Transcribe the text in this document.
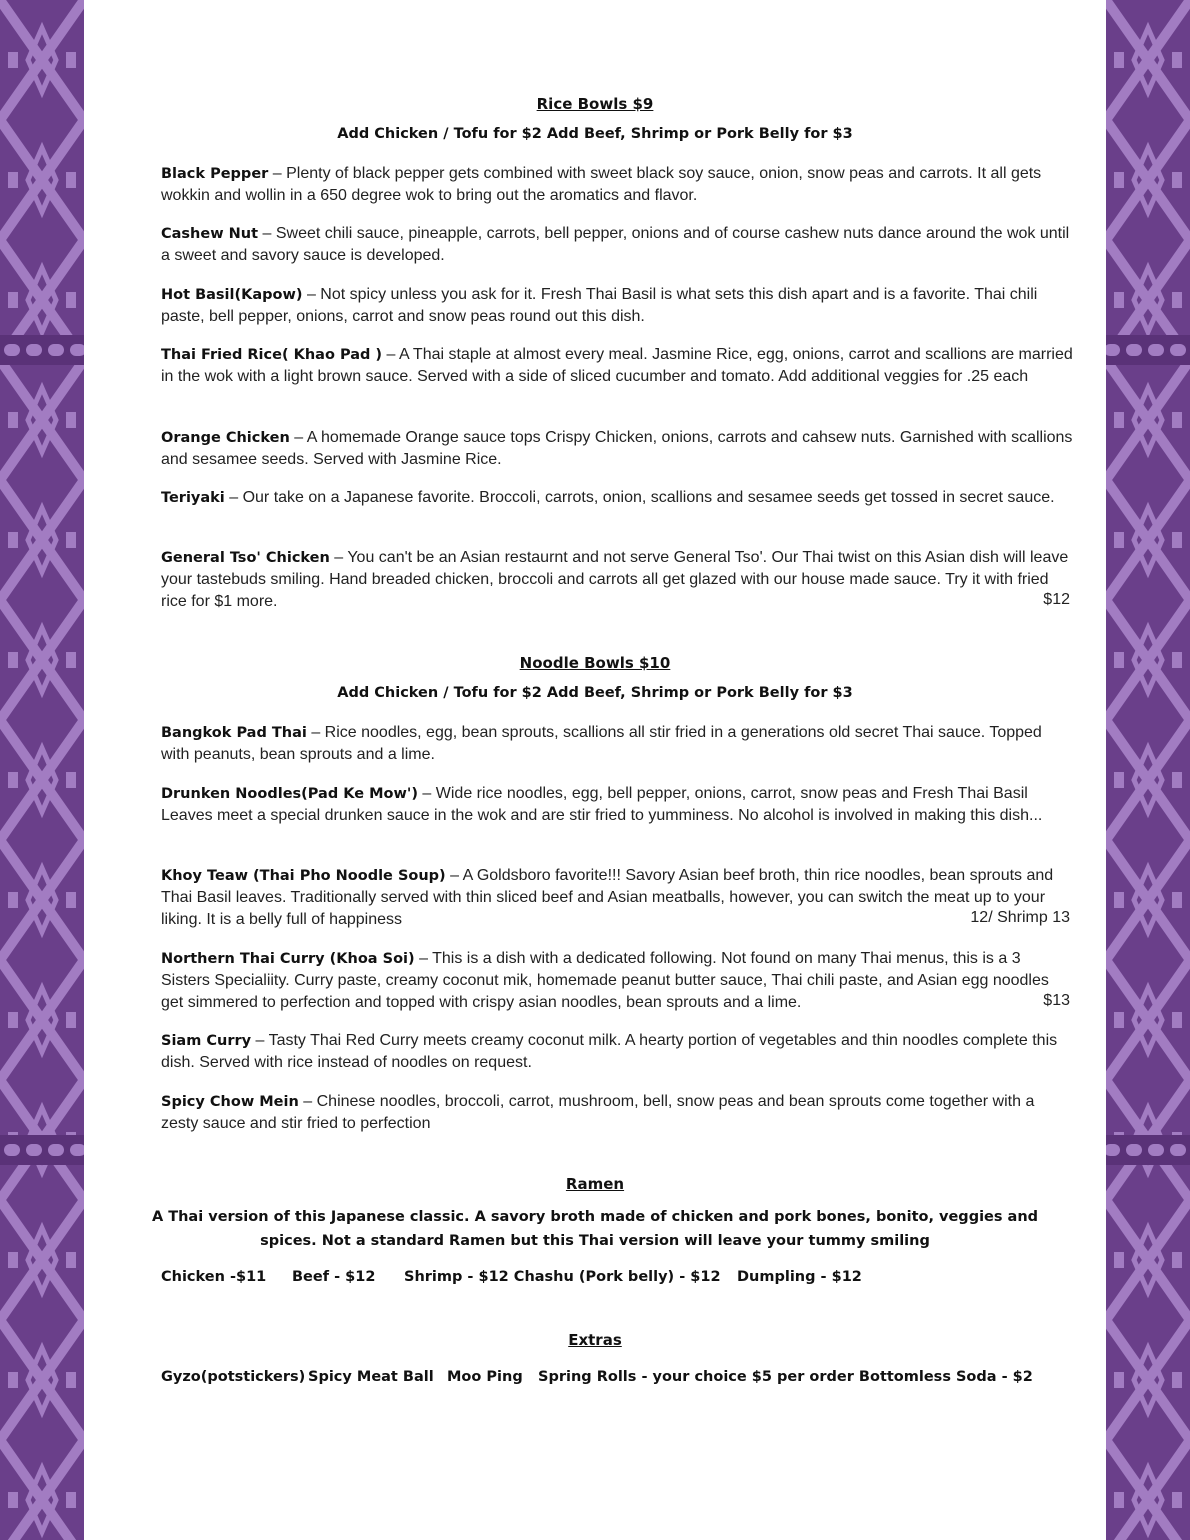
Rice Bowls $9
Add Chicken / Tofu for $2 Add Beef, Shrimp or Pork Belly for $3
Black Pepper – Plenty of black pepper gets combined with sweet black soy sauce, onion, snow peas and carrots. It all gets wokkin and wollin in a 650 degree wok to bring out the aromatics and flavor.
Cashew Nut – Sweet chili sauce, pineapple, carrots, bell pepper, onions and of course cashew nuts dance around the wok until a sweet and savory sauce is developed.
Hot Basil(Kapow) – Not spicy unless you ask for it. Fresh Thai Basil is what sets this dish apart and is a favorite. Thai chili paste, bell pepper, onions, carrot and snow peas round out this dish.
Thai Fried Rice( Khao Pad ) – A Thai staple at almost every meal. Jasmine Rice, egg, onions, carrot and scallions are married in the wok with a light brown sauce. Served with a side of sliced cucumber and tomato. Add additional veggies for .25 each
Orange Chicken – A homemade Orange sauce tops Crispy Chicken, onions, carrots and cahsew nuts. Garnished with scallions and sesamee seeds. Served with Jasmine Rice.
Teriyaki – Our take on a Japanese favorite. Broccoli, carrots, onion, scallions and sesamee seeds get tossed in secret sauce.
General Tso' Chicken – You can't be an Asian restaurnt and not serve General Tso'. Our Thai twist on this Asian dish will leave your tastebuds smiling. Hand breaded chicken, broccoli and carrots all get glazed with our house made sauce. Try it with fried rice for $1 more.	$12
Noodle Bowls $10
Add Chicken / Tofu for $2 Add Beef, Shrimp or Pork Belly for $3
Bangkok Pad Thai – Rice noodles, egg, bean sprouts, scallions all stir fried in a generations old secret Thai sauce. Topped with peanuts, bean sprouts and a lime.
Drunken Noodles(Pad Ke Mow') – Wide rice noodles, egg, bell pepper, onions, carrot, snow peas and Fresh Thai Basil Leaves meet a special drunken sauce in the wok and are stir fried to yumminess. No alcohol is involved in making this dish...
Khoy Teaw (Thai Pho Noodle Soup) – A Goldsboro favorite!!! Savory Asian beef broth, thin rice noodles, bean sprouts and Thai Basil leaves. Traditionally served with thin sliced beef and Asian meatballs, however, you can switch the meat up to your liking. It is a belly full of happiness	12/ Shrimp 13
Northern Thai Curry (Khoa Soi) – This is a dish with a dedicated following. Not found on many Thai menus, this is a 3 Sisters Specialiity. Curry paste, creamy coconut mik, homemade peanut butter sauce, Thai chili paste, and Asian egg noodles get simmered to perfection and topped with crispy asian noodles, bean sprouts and a lime.	$13
Siam Curry – Tasty Thai Red Curry meets creamy coconut milk. A hearty portion of vegetables and thin noodles complete this dish. Served with rice instead of noodles on request.
Spicy Chow Mein – Chinese noodles, broccoli, carrot, mushroom, bell, snow peas and bean sprouts come together with a zesty sauce and stir fried to perfection
Ramen
A Thai version of this Japanese classic. A savory broth made of chicken and pork bones, bonito, veggies and spices. Not a standard Ramen but this Thai version will leave your tummy smiling
Chicken -$11 Beef - $12 Shrimp - $12 Chashu (Pork belly) - $12 Dumpling - $12
Extras
Gyzo(potstickers) Spicy Meat Ball Moo Ping Spring Rolls - your choice $5 per order Bottomless Soda - $2
